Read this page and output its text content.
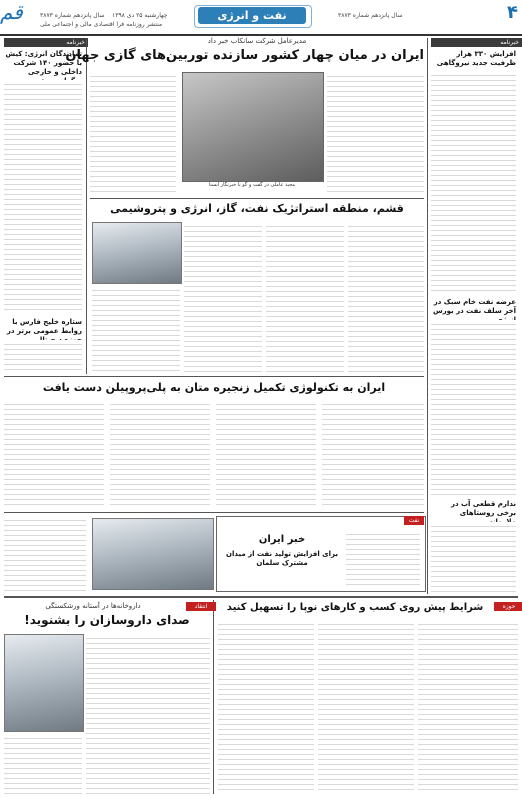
قم	سال پانزدهم شماره ۳۸۷۳ چهارشنبه ۲۵ دی ۱۳۹۸
منتشر روزنامه فرا اقتصادی مالی و اجتماعی ملی
نفت و انرژی	سال پانزدهم شماره ۳۸۷۳	۴
خبرنامه
افزایش ۳۳۰ هزار ظرفیت جدید نیروگاهی
عرضه نفت خام سبک در آخر سلف نفت در بورس
ندارم قطعی آب در برخی روستاهای
خبرنامه
تمایندگان انرژی: کیش با حضور ۱۴۰ شرکت داخلی و خارجی
ستاره خلیج فارس با روابط عمومی برتر در
مدیرعامل شرکت سانکاب خبر داد
ایران در میان چهار کشور سازنده توربین‌های گازی جهان
مجید عاملی در گفت و گو با خبرنگار ایسنا
قشم، منطقه استراتژیک نفت، گاز، انرژی و پتروشیمی
ایران به تکنولوژی تکمیل زنجیره متان به پلی‌پروپیلن دست یافت
نفت
خبر ایران
برای افزایش تولید نفت از میدان مشترک سلمان
حوزه نفت
شرایط پیش روی کسب و کارهای نوپا را تسهیل کنید
انتقاد
داروخانه‌ها در آستانه ورشکستگی
صدای داروسازان را بشنوید!
